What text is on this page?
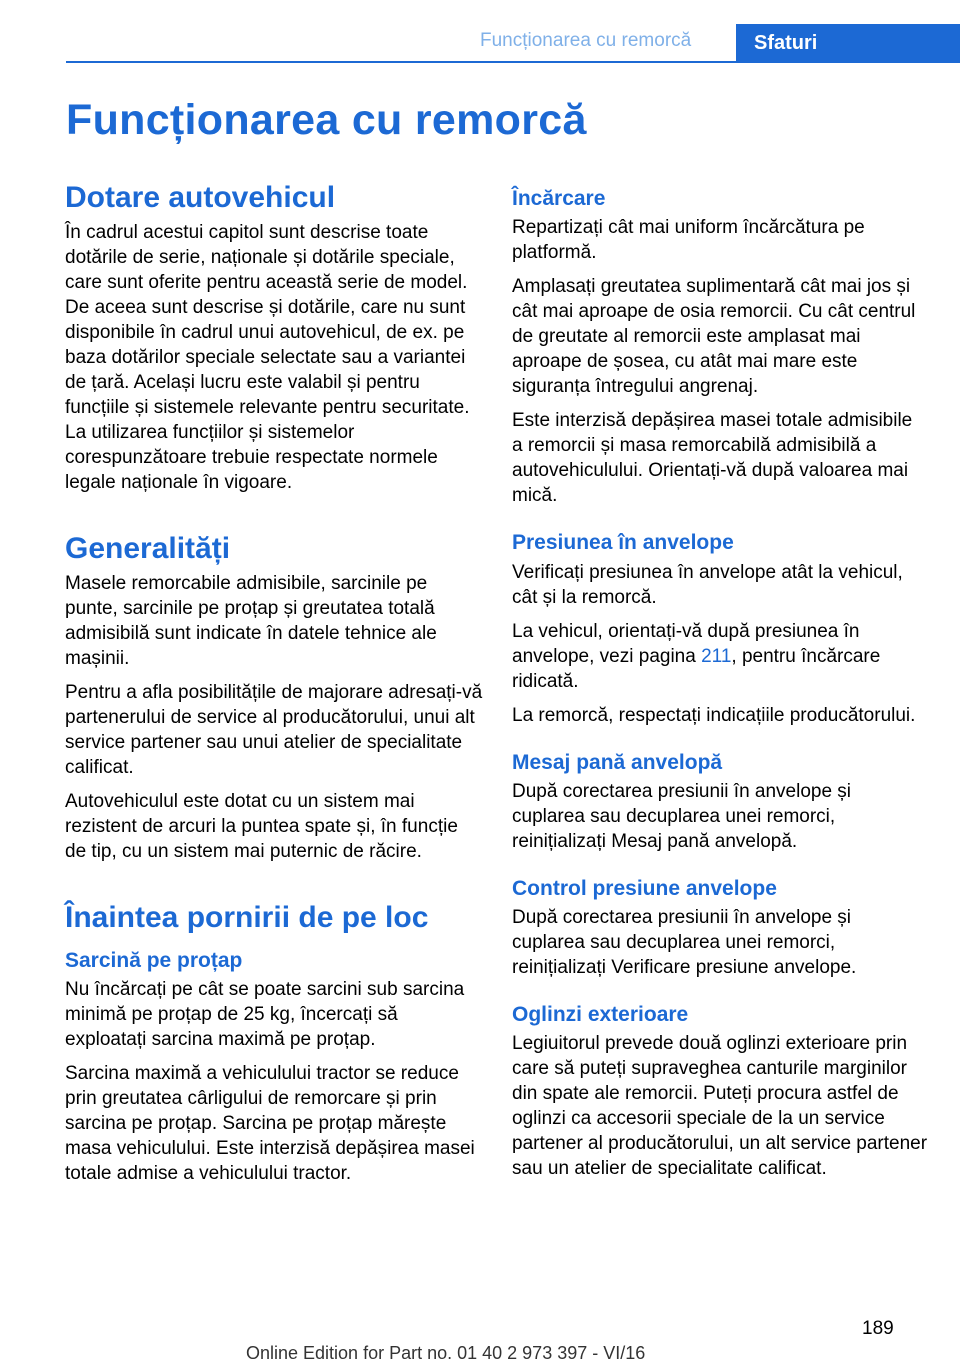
Funcționarea cu remorcă	Sfaturi
Funcționarea cu remorcă
Dotare autovehicul

În cadrul acestui capitol sunt descrise toate dotările de serie, naționale și dotările speciale, care sunt oferite pentru această serie de model. De aceea sunt descrise și dotările, care nu sunt disponibile în cadrul unui autovehicul, de ex. pe baza dotărilor speciale selectate sau a variantei de țară. Același lucru este valabil și pentru funcțiile și sistemele relevante pentru securitate. La utilizarea funcțiilor și sistemelor corespunzătoare trebuie respectate normele legale naționale în vigoare.

Generalități

Masele remorcabile admisibile, sarcinile pe punte, sarcinile pe proțap și greutatea totală admisibilă sunt indicate în datele tehnice ale mașinii.

Pentru a afla posibilitățile de majorare adresați-vă partenerului de service al producătorului, unui alt service partener sau unui atelier de specialitate calificat.

Autovehiculul este dotat cu un sistem mai rezistent de arcuri la puntea spate și, în funcție de tip, cu un sistem mai puternic de răcire.

Înaintea pornirii de pe loc
Sarcină pe proțap

Nu încărcați pe cât se poate sarcini sub sarcina minimă pe proțap de 25 kg, încercați să exploatați sarcina maximă pe proțap.

Sarcina maximă a vehiculului tractor se reduce prin greutatea cârligului de remorcare și prin sarcina pe proțap. Sarcina pe proțap mărește masa vehiculului. Este interzisă depășirea masei totale admise a vehiculului tractor.

Încărcare

Repartizați cât mai uniform încărcătura pe platformă.

Amplasați greutatea suplimentară cât mai jos și cât mai aproape de osia remorcii. Cu cât centrul de greutate al remorcii este amplasat mai aproape de șosea, cu atât mai mare este siguranța întregului angrenaj.

Este interzisă depășirea masei totale admisibile a remorcii și masa remorcabilă admisibilă a autovehiculului. Orientați-vă după valoarea mai mică.

Presiunea în anvelope

Verificați presiunea în anvelope atât la vehicul, cât și la remorcă.

La vehicul, orientați-vă după presiunea în anvelope, vezi pagina 211, pentru încărcare ridicată.

La remorcă, respectați indicațiile producătorului.

Mesaj pană anvelopă

După corectarea presiunii în anvelope și cuplarea sau decuplarea unei remorci, reinițializați Mesaj pană anvelopă.

Control presiune anvelope

După corectarea presiunii în anvelope și cuplarea sau decuplarea unei remorci, reinițializați Verificare presiune anvelope.

Oglinzi exterioare

Legiuitorul prevede două oglinzi exterioare prin care să puteți supraveghea canturile marginilor din spate ale remorcii. Puteți procura astfel de oglinzi ca accesorii speciale de la un service partener al producătorului, un alt service partener sau un atelier de specialitate calificat.

189
Online Edition for Part no. 01 40 2 973 397 - VI/16
